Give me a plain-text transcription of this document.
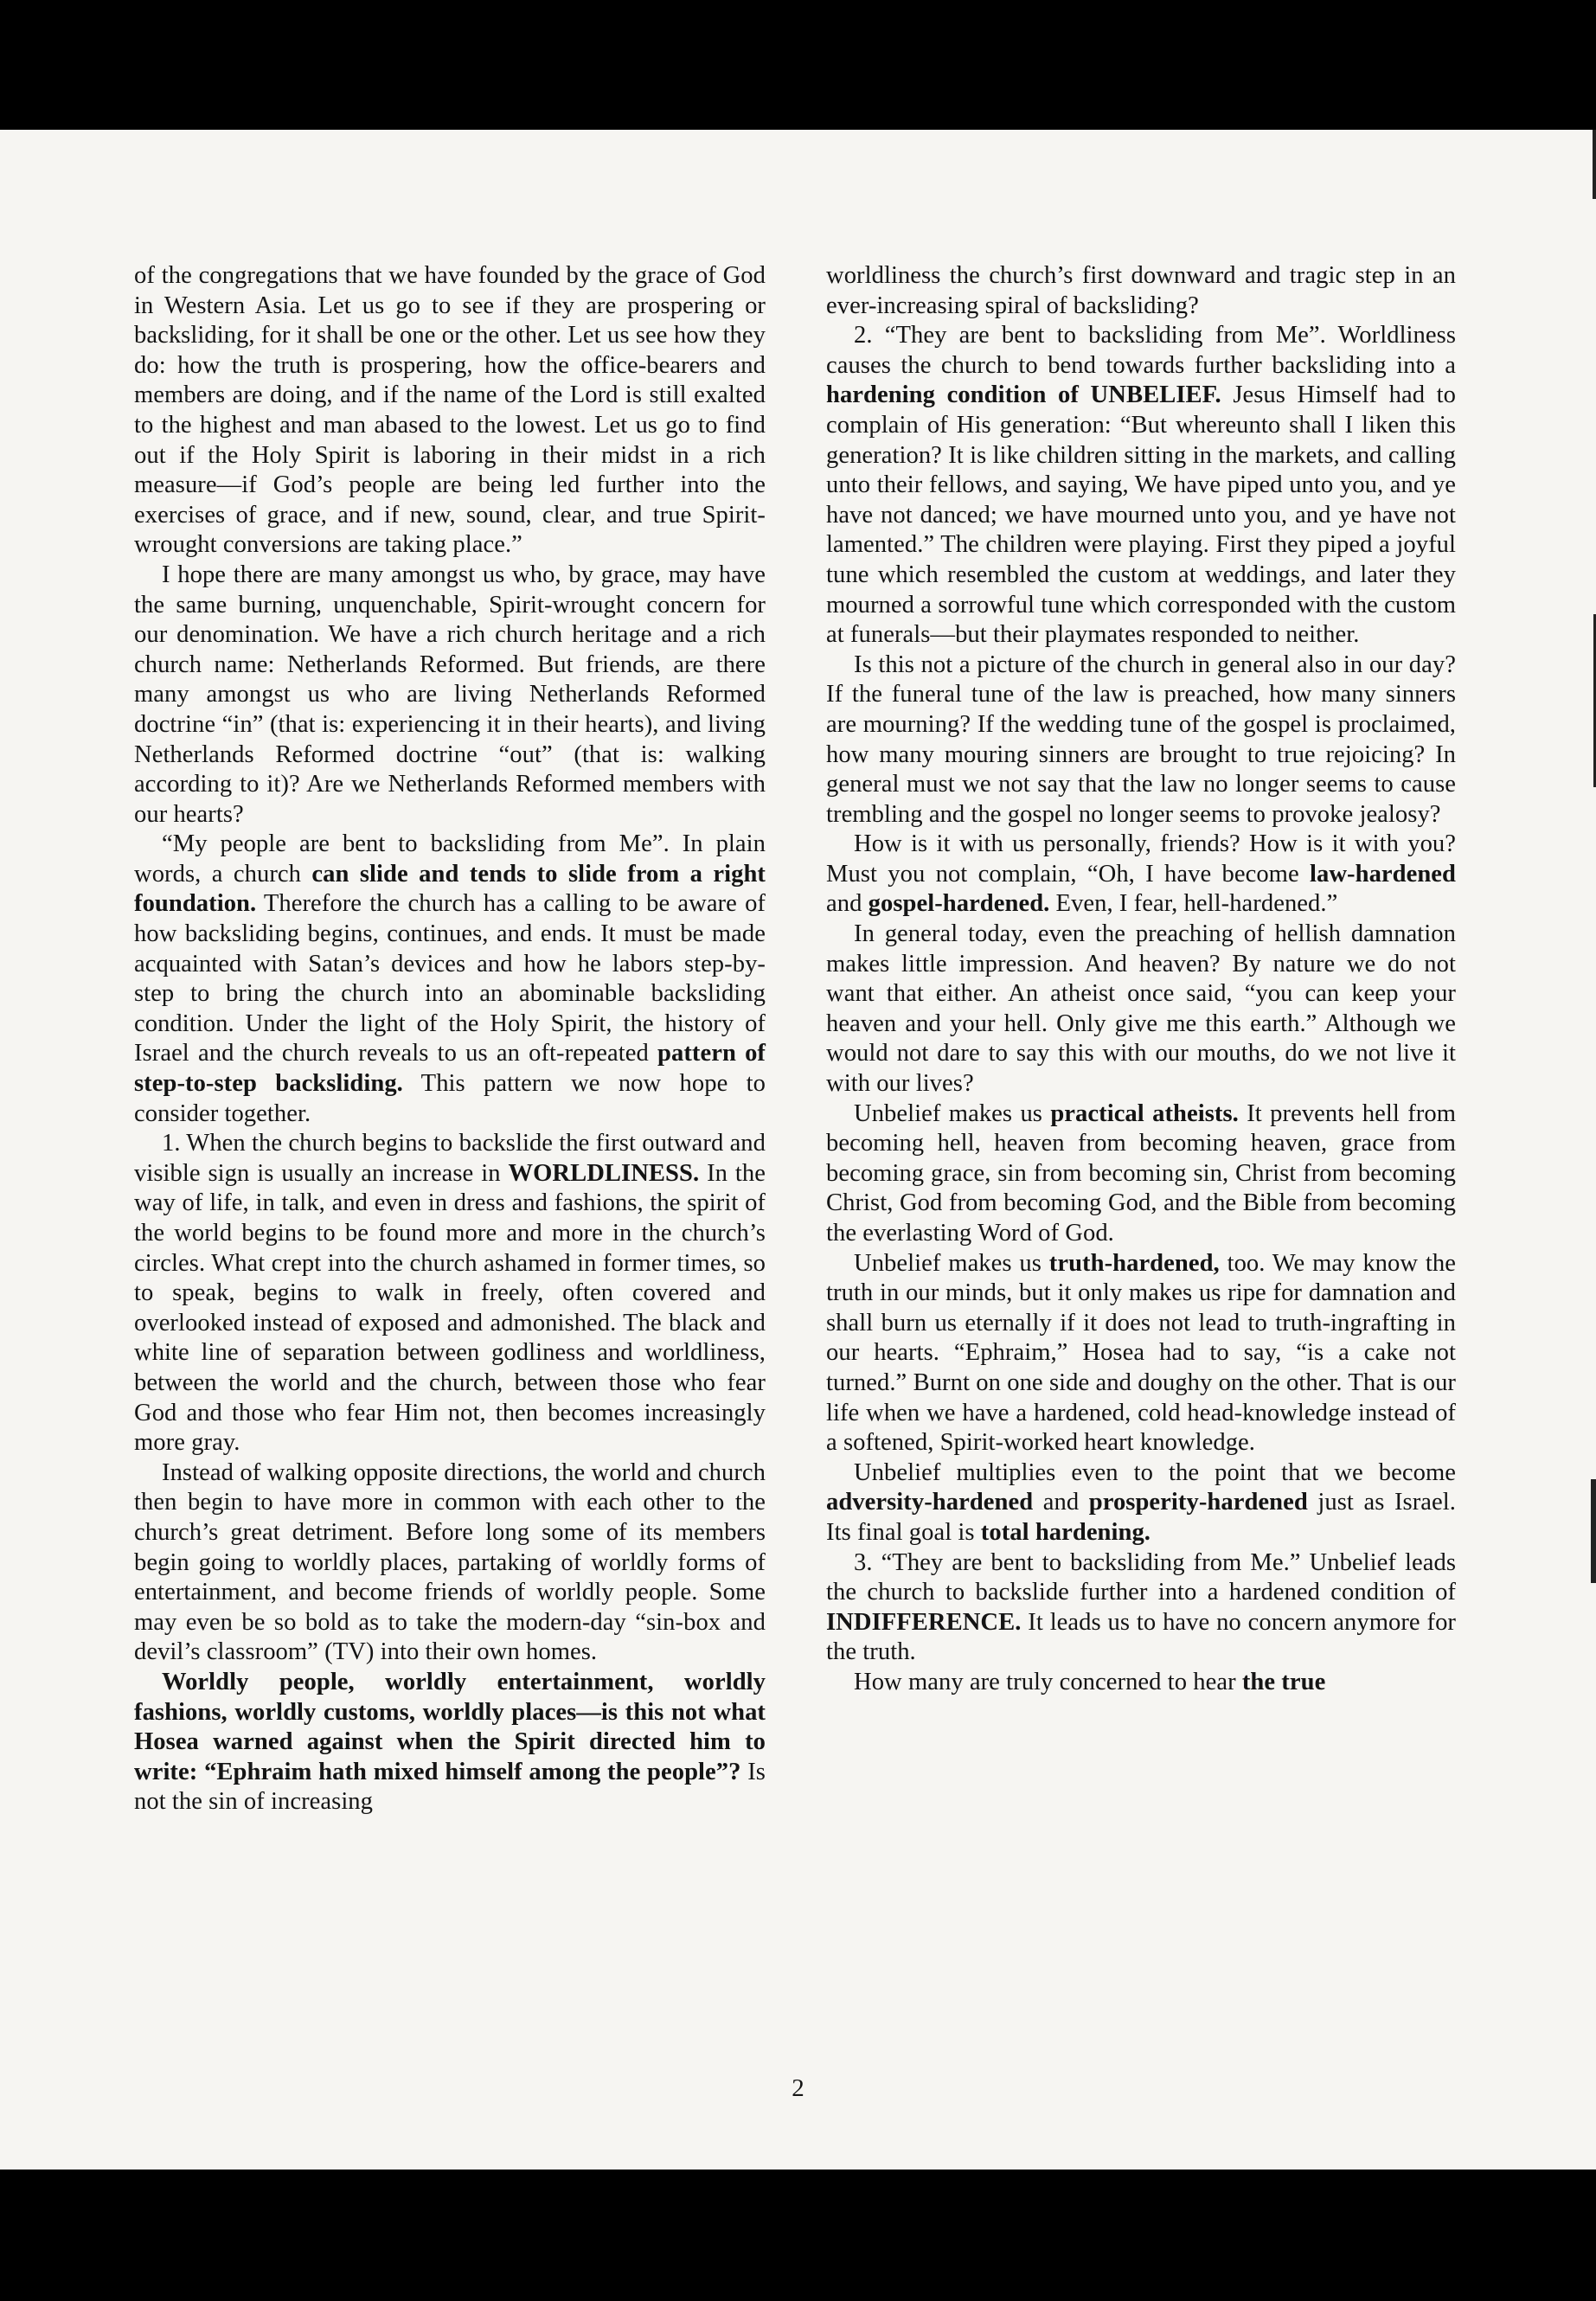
of the congregations that we have founded by the grace of God in Western Asia. Let us go to see if they are prospering or backsliding, for it shall be one or the other. Let us see how they do: how the truth is prospering, how the office-bearers and members are doing, and if the name of the Lord is still exalted to the highest and man abased to the lowest. Let us go to find out if the Holy Spirit is laboring in their midst in a rich measure—if God’s people are being led further into the exercises of grace, and if new, sound, clear, and true Spirit-wrought conversions are taking place.”

I hope there are many amongst us who, by grace, may have the same burning, unquenchable, Spirit-wrought concern for our denomination. We have a rich church heritage and a rich church name: Netherlands Reformed. But friends, are there many amongst us who are living Netherlands Reformed doctrine “in” (that is: experiencing it in their hearts), and living Netherlands Reformed doctrine “out” (that is: walking according to it)? Are we Netherlands Reformed members with our hearts?

“My people are bent to backsliding from Me”. In plain words, a church can slide and tends to slide from a right foundation. Therefore the church has a calling to be aware of how backsliding begins, continues, and ends. It must be made acquainted with Satan’s devices and how he labors step-by-step to bring the church into an abominable backsliding condition. Under the light of the Holy Spirit, the history of Israel and the church reveals to us an oft-repeated pattern of step-to-step backsliding. This pattern we now hope to consider together.

1. When the church begins to backslide the first outward and visible sign is usually an increase in WORLDLINESS. In the way of life, in talk, and even in dress and fashions, the spirit of the world begins to be found more and more in the church’s circles. What crept into the church ashamed in former times, so to speak, begins to walk in freely, often covered and overlooked instead of exposed and admonished. The black and white line of separation between godliness and worldliness, between the world and the church, between those who fear God and those who fear Him not, then becomes increasingly more gray.

Instead of walking opposite directions, the world and church then begin to have more in common with each other to the church’s great detriment. Before long some of its members begin going to worldly places, partaking of worldly forms of entertainment, and become friends of worldly people. Some may even be so bold as to take the modern-day “sin-box and devil’s classroom” (TV) into their own homes.

Worldly people, worldly entertainment, worldly fashions, worldly customs, worldly places—is this not what Hosea warned against when the Spirit directed him to write: “Ephraim hath mixed himself among the people”? Is not the sin of increasing

worldliness the church’s first downward and tragic step in an ever-increasing spiral of backsliding?

2. “They are bent to backsliding from Me”. Worldliness causes the church to bend towards further backsliding into a hardening condition of UNBELIEF. Jesus Himself had to complain of His generation: “But whereunto shall I liken this generation? It is like children sitting in the markets, and calling unto their fellows, and saying, We have piped unto you, and ye have not danced; we have mourned unto you, and ye have not lamented.” The children were playing. First they piped a joyful tune which resembled the custom at weddings, and later they mourned a sorrowful tune which corresponded with the custom at funerals—but their playmates responded to neither.

Is this not a picture of the church in general also in our day? If the funeral tune of the law is preached, how many sinners are mourning? If the wedding tune of the gospel is proclaimed, how many mouring sinners are brought to true rejoicing? In general must we not say that the law no longer seems to cause trembling and the gospel no longer seems to provoke jealosy?

How is it with us personally, friends? How is it with you? Must you not complain, “Oh, I have become law-hardened and gospel-hardened. Even, I fear, hell-hardened.”

In general today, even the preaching of hellish damnation makes little impression. And heaven? By nature we do not want that either. An atheist once said, “you can keep your heaven and your hell. Only give me this earth.” Although we would not dare to say this with our mouths, do we not live it with our lives?

Unbelief makes us practical atheists. It prevents hell from becoming hell, heaven from becoming heaven, grace from becoming grace, sin from becoming sin, Christ from becoming Christ, God from becoming God, and the Bible from becoming the everlasting Word of God.

Unbelief makes us truth-hardened, too. We may know the truth in our minds, but it only makes us ripe for damnation and shall burn us eternally if it does not lead to truth-ingrafting in our hearts. “Ephraim,” Hosea had to say, “is a cake not turned.” Burnt on one side and doughy on the other. That is our life when we have a hardened, cold head-knowledge instead of a softened, Spirit-worked heart knowledge.

Unbelief multiplies even to the point that we become adversity-hardened and prosperity-hardened just as Israel. Its final goal is total hardening.

3. “They are bent to backsliding from Me.” Unbelief leads the church to backslide further into a hardened condition of INDIFFERENCE. It leads us to have no concern anymore for the truth.

How many are truly concerned to hear the true

2
